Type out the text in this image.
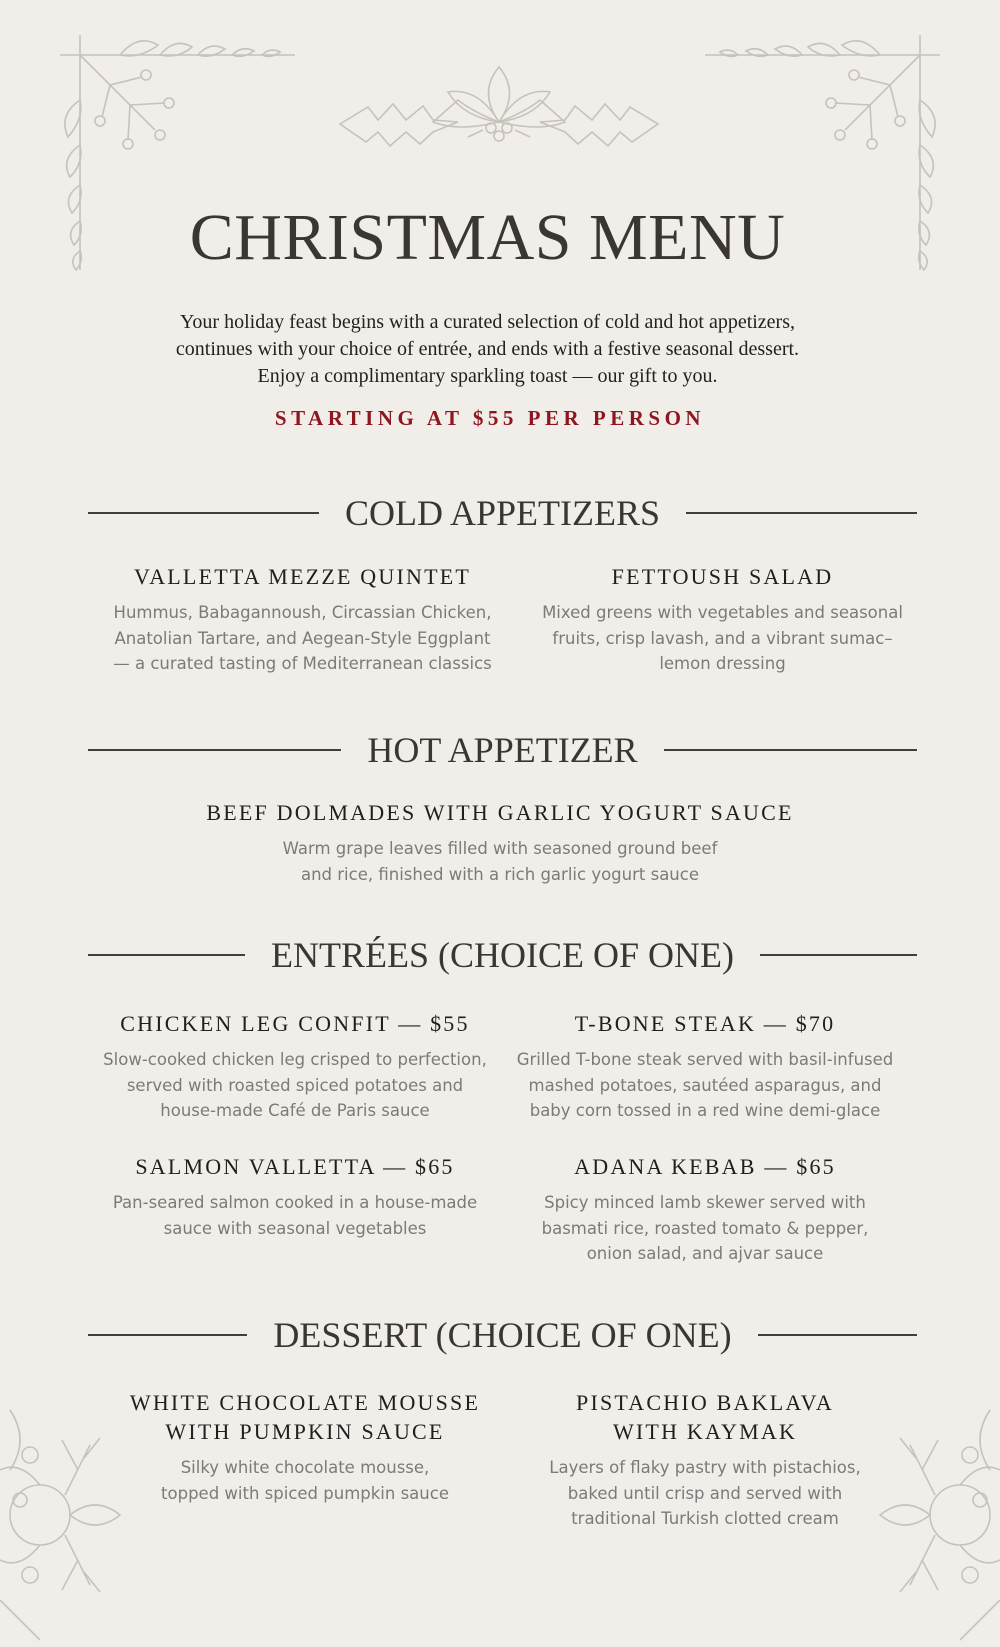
CHRISTMAS MENU
Your holiday feast begins with a curated selection of cold and hot appetizers,
continues with your choice of entrée, and ends with a festive seasonal dessert.
Enjoy a complimentary sparkling toast — our gift to you.
STARTING AT $55 PER PERSON
COLD APPETIZERS
VALLETTA MEZZE QUINTET
Hummus, Babagannoush, Circassian Chicken,
Anatolian Tartare, and Aegean-Style Eggplant
— a curated tasting of Mediterranean classics
FETTOUSH SALAD
Mixed greens with vegetables and seasonal
fruits, crisp lavash, and a vibrant sumac–
lemon dressing
HOT APPETIZER
BEEF DOLMADES WITH GARLIC YOGURT SAUCE
Warm grape leaves filled with seasoned ground beef
and rice, finished with a rich garlic yogurt sauce
ENTRÉES (CHOICE OF ONE)
CHICKEN LEG CONFIT — $55
Slow-cooked chicken leg crisped to perfection,
served with roasted spiced potatoes and
house-made Café de Paris sauce
T-BONE STEAK — $70
Grilled T-bone steak served with basil-infused
mashed potatoes, sautéed asparagus, and
baby corn tossed in a red wine demi-glace
SALMON VALLETTA — $65
Pan-seared salmon cooked in a house-made
sauce with seasonal vegetables
ADANA KEBAB — $65
Spicy minced lamb skewer served with
basmati rice, roasted tomato & pepper,
onion salad, and ajvar sauce
DESSERT (CHOICE OF ONE)
WHITE CHOCOLATE MOUSSE
WITH PUMPKIN SAUCE
Silky white chocolate mousse,
topped with spiced pumpkin sauce
PISTACHIO BAKLAVA
WITH KAYMAK
Layers of flaky pastry with pistachios,
baked until crisp and served with
traditional Turkish clotted cream
